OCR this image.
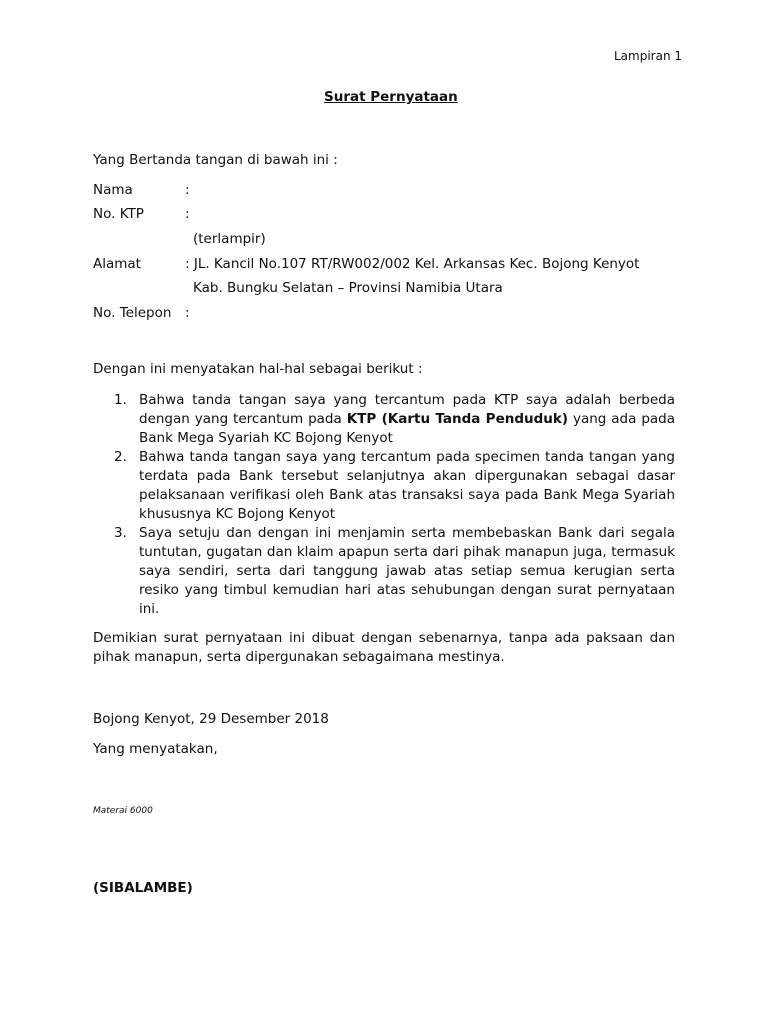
Lampiran 1
Surat Pernyataan
Yang Bertanda tangan di bawah ini :
Nama	:
No. KTP	:
(terlampir)
Alamat	: JL. Kancil No.107 RT/RW002/002 Kel. Arkansas Kec. Bojong Kenyot
Kab. Bungku Selatan – Provinsi Namibia Utara
No. Telepon :
Dengan ini menyatakan hal-hal sebagai berikut :
1. Bahwa tanda tangan saya yang tercantum pada KTP saya adalah berbeda dengan yang tercantum pada KTP (Kartu Tanda Penduduk) yang ada pada Bank Mega Syariah KC Bojong Kenyot
2. Bahwa tanda tangan saya yang tercantum pada specimen tanda tangan yang terdata pada Bank tersebut selanjutnya akan dipergunakan sebagai dasar pelaksanaan verifikasi oleh Bank atas transaksi saya pada Bank Mega Syariah khususnya KC Bojong Kenyot
3. Saya setuju dan dengan ini menjamin serta membebaskan Bank dari segala tuntutan, gugatan dan klaim apapun serta dari pihak manapun juga, termasuk saya sendiri, serta dari tanggung jawab atas setiap semua kerugian serta resiko yang timbul kemudian hari atas sehubungan dengan surat pernyataan ini.
Demikian surat pernyataan ini dibuat dengan sebenarnya, tanpa ada paksaan dan pihak manapun, serta dipergunakan sebagaimana mestinya.
Bojong Kenyot, 29 Desember 2018
Yang menyatakan,
Materai 6000
(SIBALAMBE)
